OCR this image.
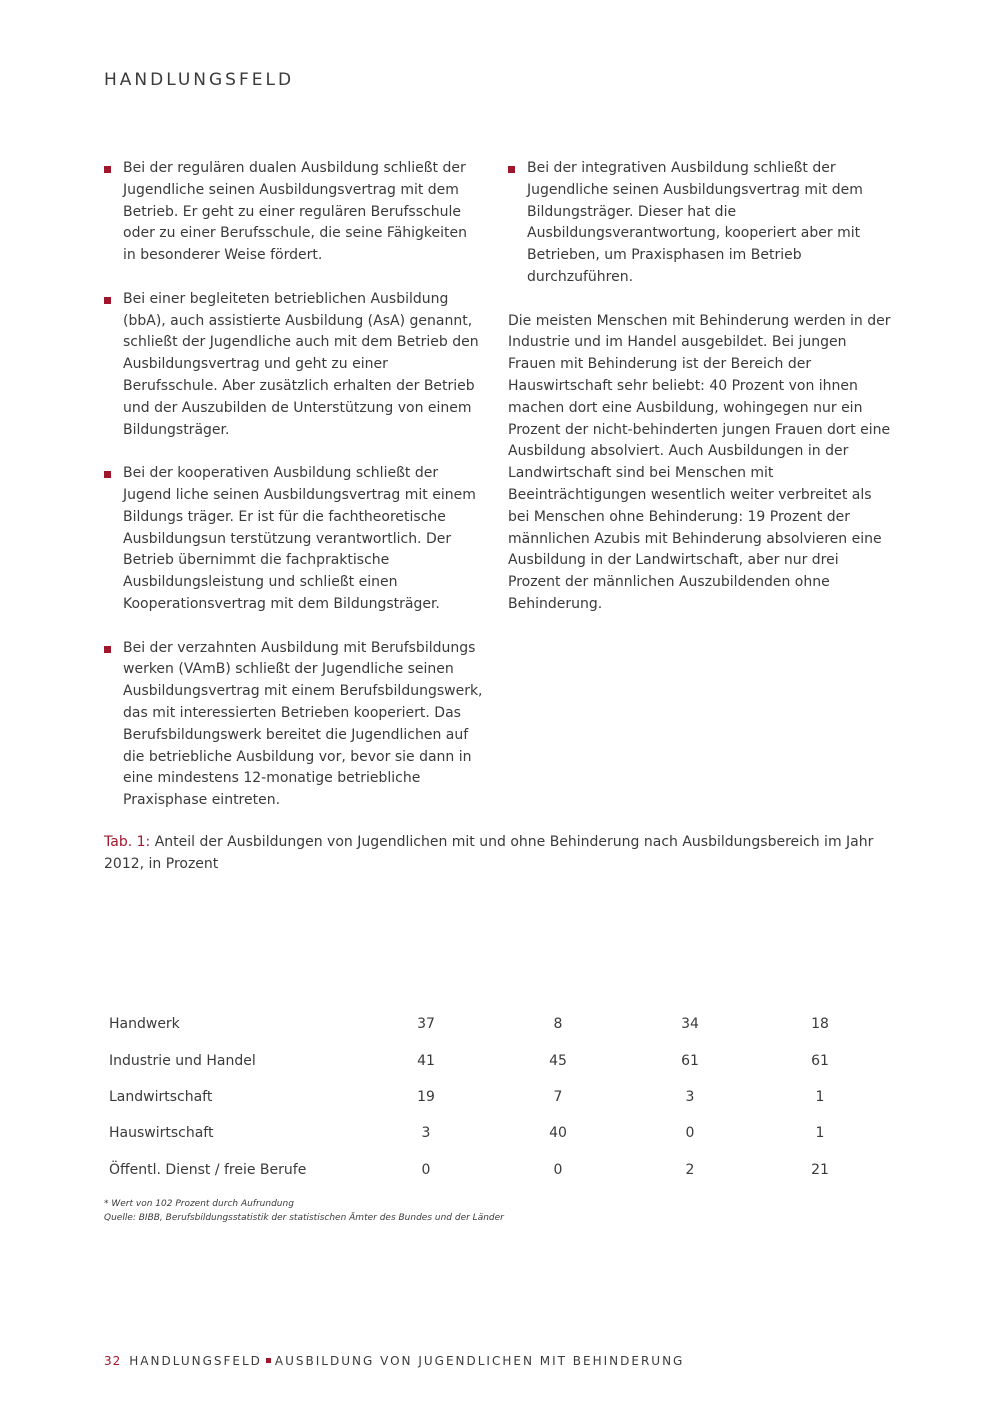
HANDLUNGSFELD
Bei der regulären dualen Ausbildung schließt der Jugendliche seinen Ausbildungsvertrag mit dem Betrieb. Er geht zu einer regulären Berufsschule oder zu einer Berufsschule, die seine Fähigkeiten in besonderer Weise fördert.
Bei einer begleiteten betrieblichen Ausbildung (bbA), auch assistierte Ausbildung (AsA) genannt, schließt der Jugendliche auch mit dem Betrieb den Ausbildungsvertrag und geht zu einer Berufsschule. Aber zusätzlich erhalten der Betrieb und der Auszubilden de Unterstützung von einem Bildungsträger.
Bei der kooperativen Ausbildung schließt der Jugend liche seinen Ausbildungsvertrag mit einem Bildungs träger. Er ist für die fachtheoretische Ausbildungsun terstützung verantwortlich. Der Betrieb übernimmt die fachpraktische Ausbildungsleistung und schließt einen Kooperationsvertrag mit dem Bildungsträger.
Bei der verzahnten Ausbildung mit Berufsbildungs werken (VAmB) schließt der Jugendliche seinen Ausbildungsvertrag mit einem Berufsbildungswerk, das mit interessierten Betrieben kooperiert. Das Berufsbildungswerk bereitet die Jugendlichen auf die betriebliche Ausbildung vor, bevor sie dann in eine mindestens 12-monatige betriebliche Praxisphase eintreten.
Bei der integrativen Ausbildung schließt der Jugendliche seinen Ausbildungsvertrag mit dem Bildungsträger. Dieser hat die Ausbildungsverantwortung, kooperiert aber mit Betrieben, um Praxisphasen im Betrieb durchzuführen.

Die meisten Menschen mit Behinderung werden in der Industrie und im Handel ausgebildet. Bei jungen Frauen mit Behinderung ist der Bereich der Hauswirtschaft sehr beliebt: 40 Prozent von ihnen machen dort eine Ausbildung, wohingegen nur ein Prozent der nicht-behinderten jungen Frauen dort eine Ausbildung absolviert. Auch Ausbildungen in der Landwirtschaft sind bei Menschen mit Beeinträchtigungen wesentlich weiter verbreitet als bei Menschen ohne Behinderung: 19 Prozent der männlichen Azubis mit Behinderung absolvieren eine Ausbildung in der Landwirtschaft, aber nur drei Prozent der männlichen Auszubildenden ohne Behinderung.

Tab. 1: Anteil der Ausbildungen von Jugendlichen mit und ohne Behinderung nach Ausbildungsbereich im Jahr 2012, in Prozent
Handwerk	37	8	34	18
Industrie und Handel	41	45	61	61
Landwirtschaft	19	7	3	1
Hauswirtschaft	3	40	0	1
Öffentl. Dienst / freie Berufe	0	0	2	21
* Wert von 102 Prozent durch Aufrundung
Quelle: BIBB, Berufsbildungsstatistik der statistischen Ämter des Bundes und der Länder
32 HANDLUNGSFELD AUSBILDUNG VON JUGENDLICHEN MIT BEHINDERUNG
